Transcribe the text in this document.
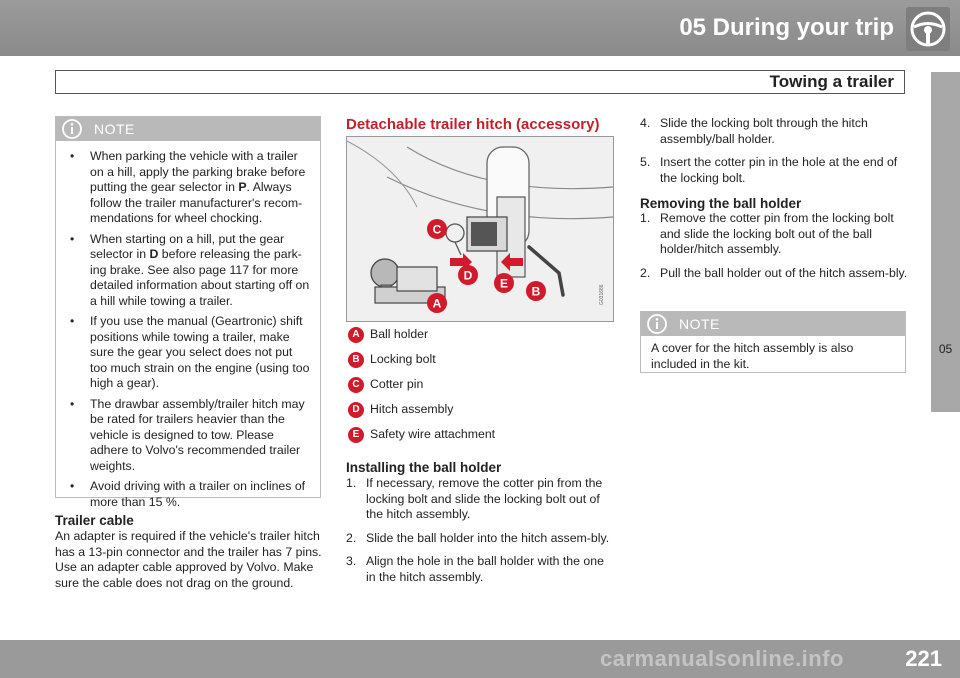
05 During your trip
Towing a trailer
05
NOTE
• When parking the vehicle with a trailer on a hill, apply the parking brake before putting the gear selector in P. Always follow the trailer manufacturer's recom-mendations for wheel chocking.
• When starting on a hill, put the gear selector in D before releasing the park-ing brake. See also page 117 for more detailed information about starting off on a hill while towing a trailer.
• If you use the manual (Geartronic) shift positions while towing a trailer, make sure the gear you select does not put too much strain on the engine (using too high a gear).
• The drawbar assembly/trailer hitch may be rated for trailers heavier than the vehicle is designed to tow. Please adhere to Volvo's recommended trailer weights.
• Avoid driving with a trailer on inclines of more than 15 %.
Trailer cable
An adapter is required if the vehicle's trailer hitch has a 13-pin connector and the trailer has 7 pins. Use an adapter cable approved by Volvo. Make sure the cable does not drag on the ground.
Detachable trailer hitch (accessory)
C
D
E
B
A	G031686
A Ball holder
B Locking bolt
C Cotter pin
D Hitch assembly
E Safety wire attachment
Installing the ball holder
1. If necessary, remove the cotter pin from the locking bolt and slide the locking bolt out of the hitch assembly.
2. Slide the ball holder into the hitch assem-bly.
3. Align the hole in the ball holder with the one in the hitch assembly.
4. Slide the locking bolt through the hitch assembly/ball holder.
5. Insert the cotter pin in the hole at the end of the locking bolt.
Removing the ball holder
1. Remove the cotter pin from the locking bolt and slide the locking bolt out of the ball holder/hitch assembly.
2. Pull the ball holder out of the hitch assem-bly.
NOTE
A cover for the hitch assembly is also included in the kit.
221
carmanualsonline.info
